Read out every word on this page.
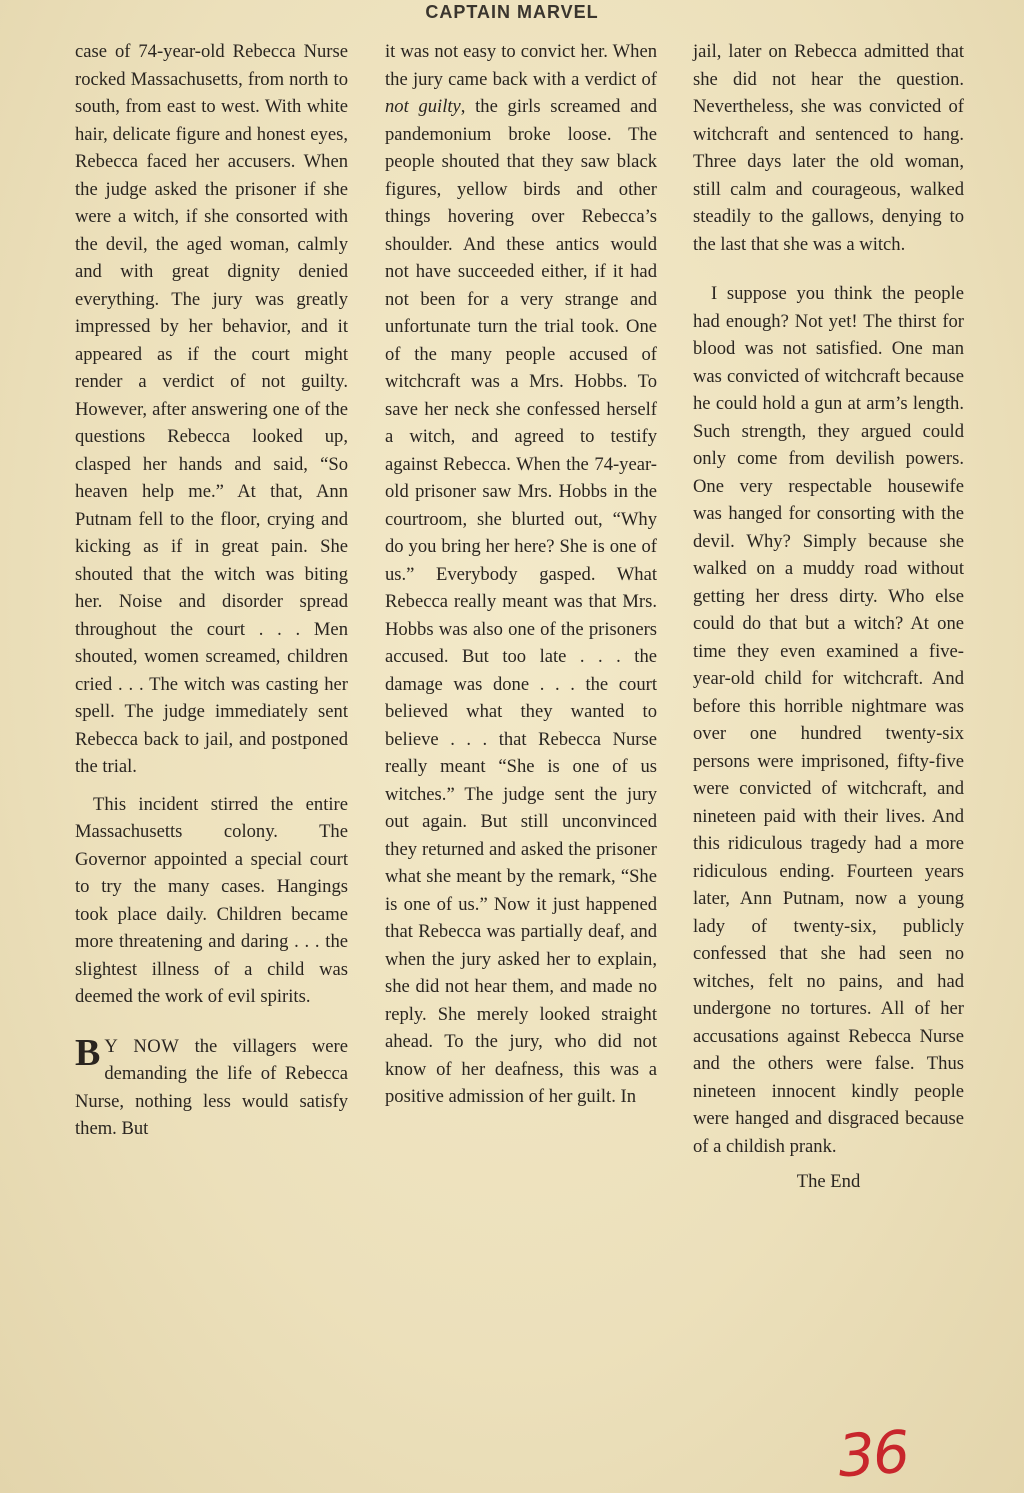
CAPTAIN MARVEL

case of 74-year-old Rebecca Nurse rocked Massachusetts, from north to south, from east to west. With white hair, delicate figure and honest eyes, Rebecca faced her accusers. When the judge asked the prisoner if she were a witch, if she consorted with the devil, the aged woman, calmly and with great dignity denied everything. The jury was greatly impressed by her behavior, and it appeared as if the court might render a verdict of not guilty. However, after answering one of the questions Rebecca looked up, clasped her hands and said, “So heaven help me.” At that, Ann Putnam fell to the floor, crying and kicking as if in great pain. She shouted that the witch was biting her. Noise and disorder spread throughout the court . . . Men shouted, women screamed, children cried . . . The witch was casting her spell. The judge immediately sent Rebecca back to jail, and postponed the trial.

This incident stirred the entire Massachusetts colony. The Governor appointed a special court to try the many cases. Hangings took place daily. Children became more threatening and daring . . . the slightest illness of a child was deemed the work of evil spirits.

B Y NOW the villagers were demanding the life of Rebecca Nurse, nothing less would satisfy them. But

it was not easy to convict her. When the jury came back with a verdict of not guilty, the girls screamed and pandemonium broke loose. The people shouted that they saw black figures, yellow birds and other things hovering over Rebecca’s shoulder. And these antics would not have succeeded either, if it had not been for a very strange and unfortunate turn the trial took. One of the many people accused of witchcraft was a Mrs. Hobbs. To save her neck she confessed herself a witch, and agreed to testify against Rebecca. When the 74-year-old prisoner saw Mrs. Hobbs in the courtroom, she blurted out, “Why do you bring her here? She is one of us.” Everybody gasped. What Rebecca really meant was that Mrs. Hobbs was also one of the prisoners accused. But too late . . . the damage was done . . . the court believed what they wanted to believe . . . that Rebecca Nurse really meant “She is one of us witches.” The judge sent the jury out again. But still unconvinced they returned and asked the prisoner what she meant by the remark, “She is one of us.” Now it just happened that Rebecca was partially deaf, and when the jury asked her to explain, she did not hear them, and made no reply. She merely looked straight ahead. To the jury, who did not know of her deafness, this was a positive admission of her guilt. In

jail, later on Rebecca admitted that she did not hear the question. Nevertheless, she was convicted of witchcraft and sentenced to hang. Three days later the old woman, still calm and courageous, walked steadily to the gallows, denying to the last that she was a witch.

I suppose you think the people had enough? Not yet! The thirst for blood was not satisfied. One man was convicted of witchcraft because he could hold a gun at arm’s length. Such strength, they argued could only come from devilish powers. One very respectable housewife was hanged for consorting with the devil. Why? Simply because she walked on a muddy road without getting her dress dirty. Who else could do that but a witch? At one time they even examined a five-year-old child for witchcraft. And before this horrible nightmare was over one hundred twenty-six persons were imprisoned, fifty-five were convicted of witchcraft, and nineteen paid with their lives. And this ridiculous tragedy had a more ridiculous ending. Fourteen years later, Ann Putnam, now a young lady of twenty-six, publicly confessed that she had seen no witches, felt no pains, and had undergone no tortures. All of her accusations against Rebecca Nurse and the others were false. Thus nineteen innocent kindly people were hanged and disgraced because of a childish prank.

The End

36
